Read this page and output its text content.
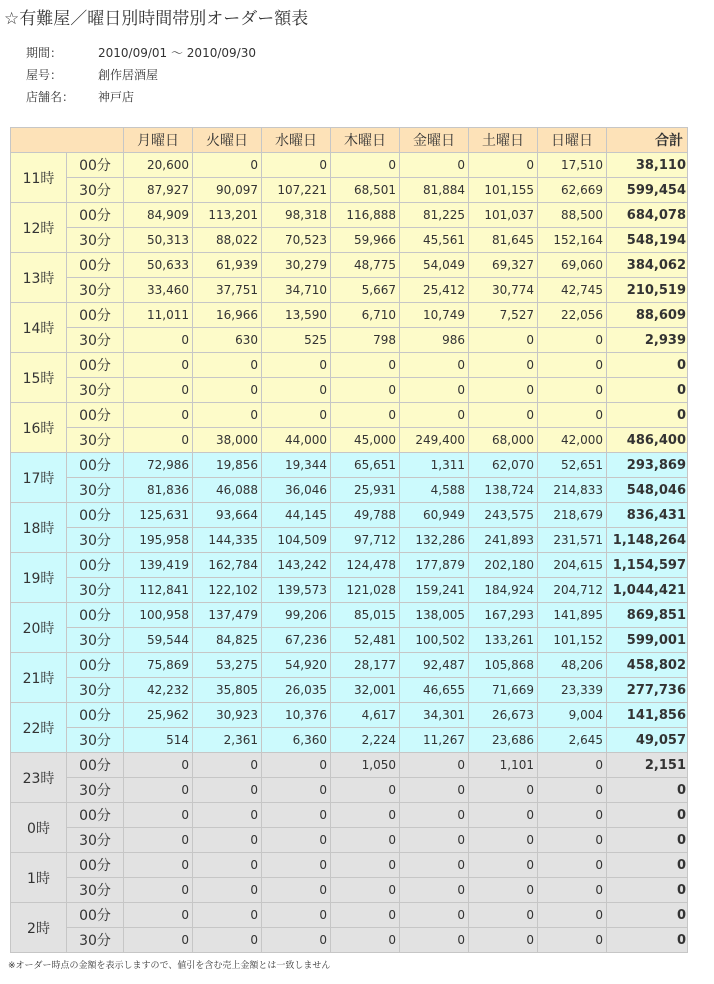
☆有難屋／曜日別時間帯別オーダー額表
期間：	2010/09/01 ～ 2010/09/30
屋号：	創作居酒屋
店舗名： 神戸店
		月曜日	火曜日	水曜日	木曜日	金曜日	土曜日	日曜日	合計
11時	00分	20,600	0	0	0	0	0	17,510	38,110
	30分	87,927	90,097	107,221	68,501	81,884	101,155	62,669	599,454
12時	00分	84,909	113,201	98,318	116,888	81,225	101,037	88,500	684,078
	30分	50,313	88,022	70,523	59,966	45,561	81,645	152,164	548,194
13時	00分	50,633	61,939	30,279	48,775	54,049	69,327	69,060	384,062
	30分	33,460	37,751	34,710	5,667	25,412	30,774	42,745	210,519
14時	00分	11,011	16,966	13,590	6,710	10,749	7,527	22,056	88,609
	30分	0	630	525	798	986	0	0	2,939
15時	00分	0	0	0	0	0	0	0	0
	30分	0	0	0	0	0	0	0	0
16時	00分	0	0	0	0	0	0	0	0
	30分	0	38,000	44,000	45,000	249,400	68,000	42,000	486,400
17時	00分	72,986	19,856	19,344	65,651	1,311	62,070	52,651	293,869
	30分	81,836	46,088	36,046	25,931	4,588	138,724	214,833	548,046
18時	00分	125,631	93,664	44,145	49,788	60,949	243,575	218,679	836,431
	30分	195,958	144,335	104,509	97,712	132,286	241,893	231,571	1,148,264
19時	00分	139,419	162,784	143,242	124,478	177,879	202,180	204,615	1,154,597
	30分	112,841	122,102	139,573	121,028	159,241	184,924	204,712	1,044,421
20時	00分	100,958	137,479	99,206	85,015	138,005	167,293	141,895	869,851
	30分	59,544	84,825	67,236	52,481	100,502	133,261	101,152	599,001
21時	00分	75,869	53,275	54,920	28,177	92,487	105,868	48,206	458,802
	30分	42,232	35,805	26,035	32,001	46,655	71,669	23,339	277,736
22時	00分	25,962	30,923	10,376	4,617	34,301	26,673	9,004	141,856
	30分	514	2,361	6,360	2,224	11,267	23,686	2,645	49,057
23時	00分	0	0	0	1,050	0	1,101	0	2,151
	30分	0	0	0	0	0	0	0	0
0時	00分	0	0	0	0	0	0	0	0
	30分	0	0	0	0	0	0	0	0
1時	00分	0	0	0	0	0	0	0	0
	30分	0	0	0	0	0	0	0	0
2時	00分	0	0	0	0	0	0	0	0
	30分	0	0	0	0	0	0	0	0
※オーダー時点の金額を表示しますので、値引を含む売上金額とは一致しません
